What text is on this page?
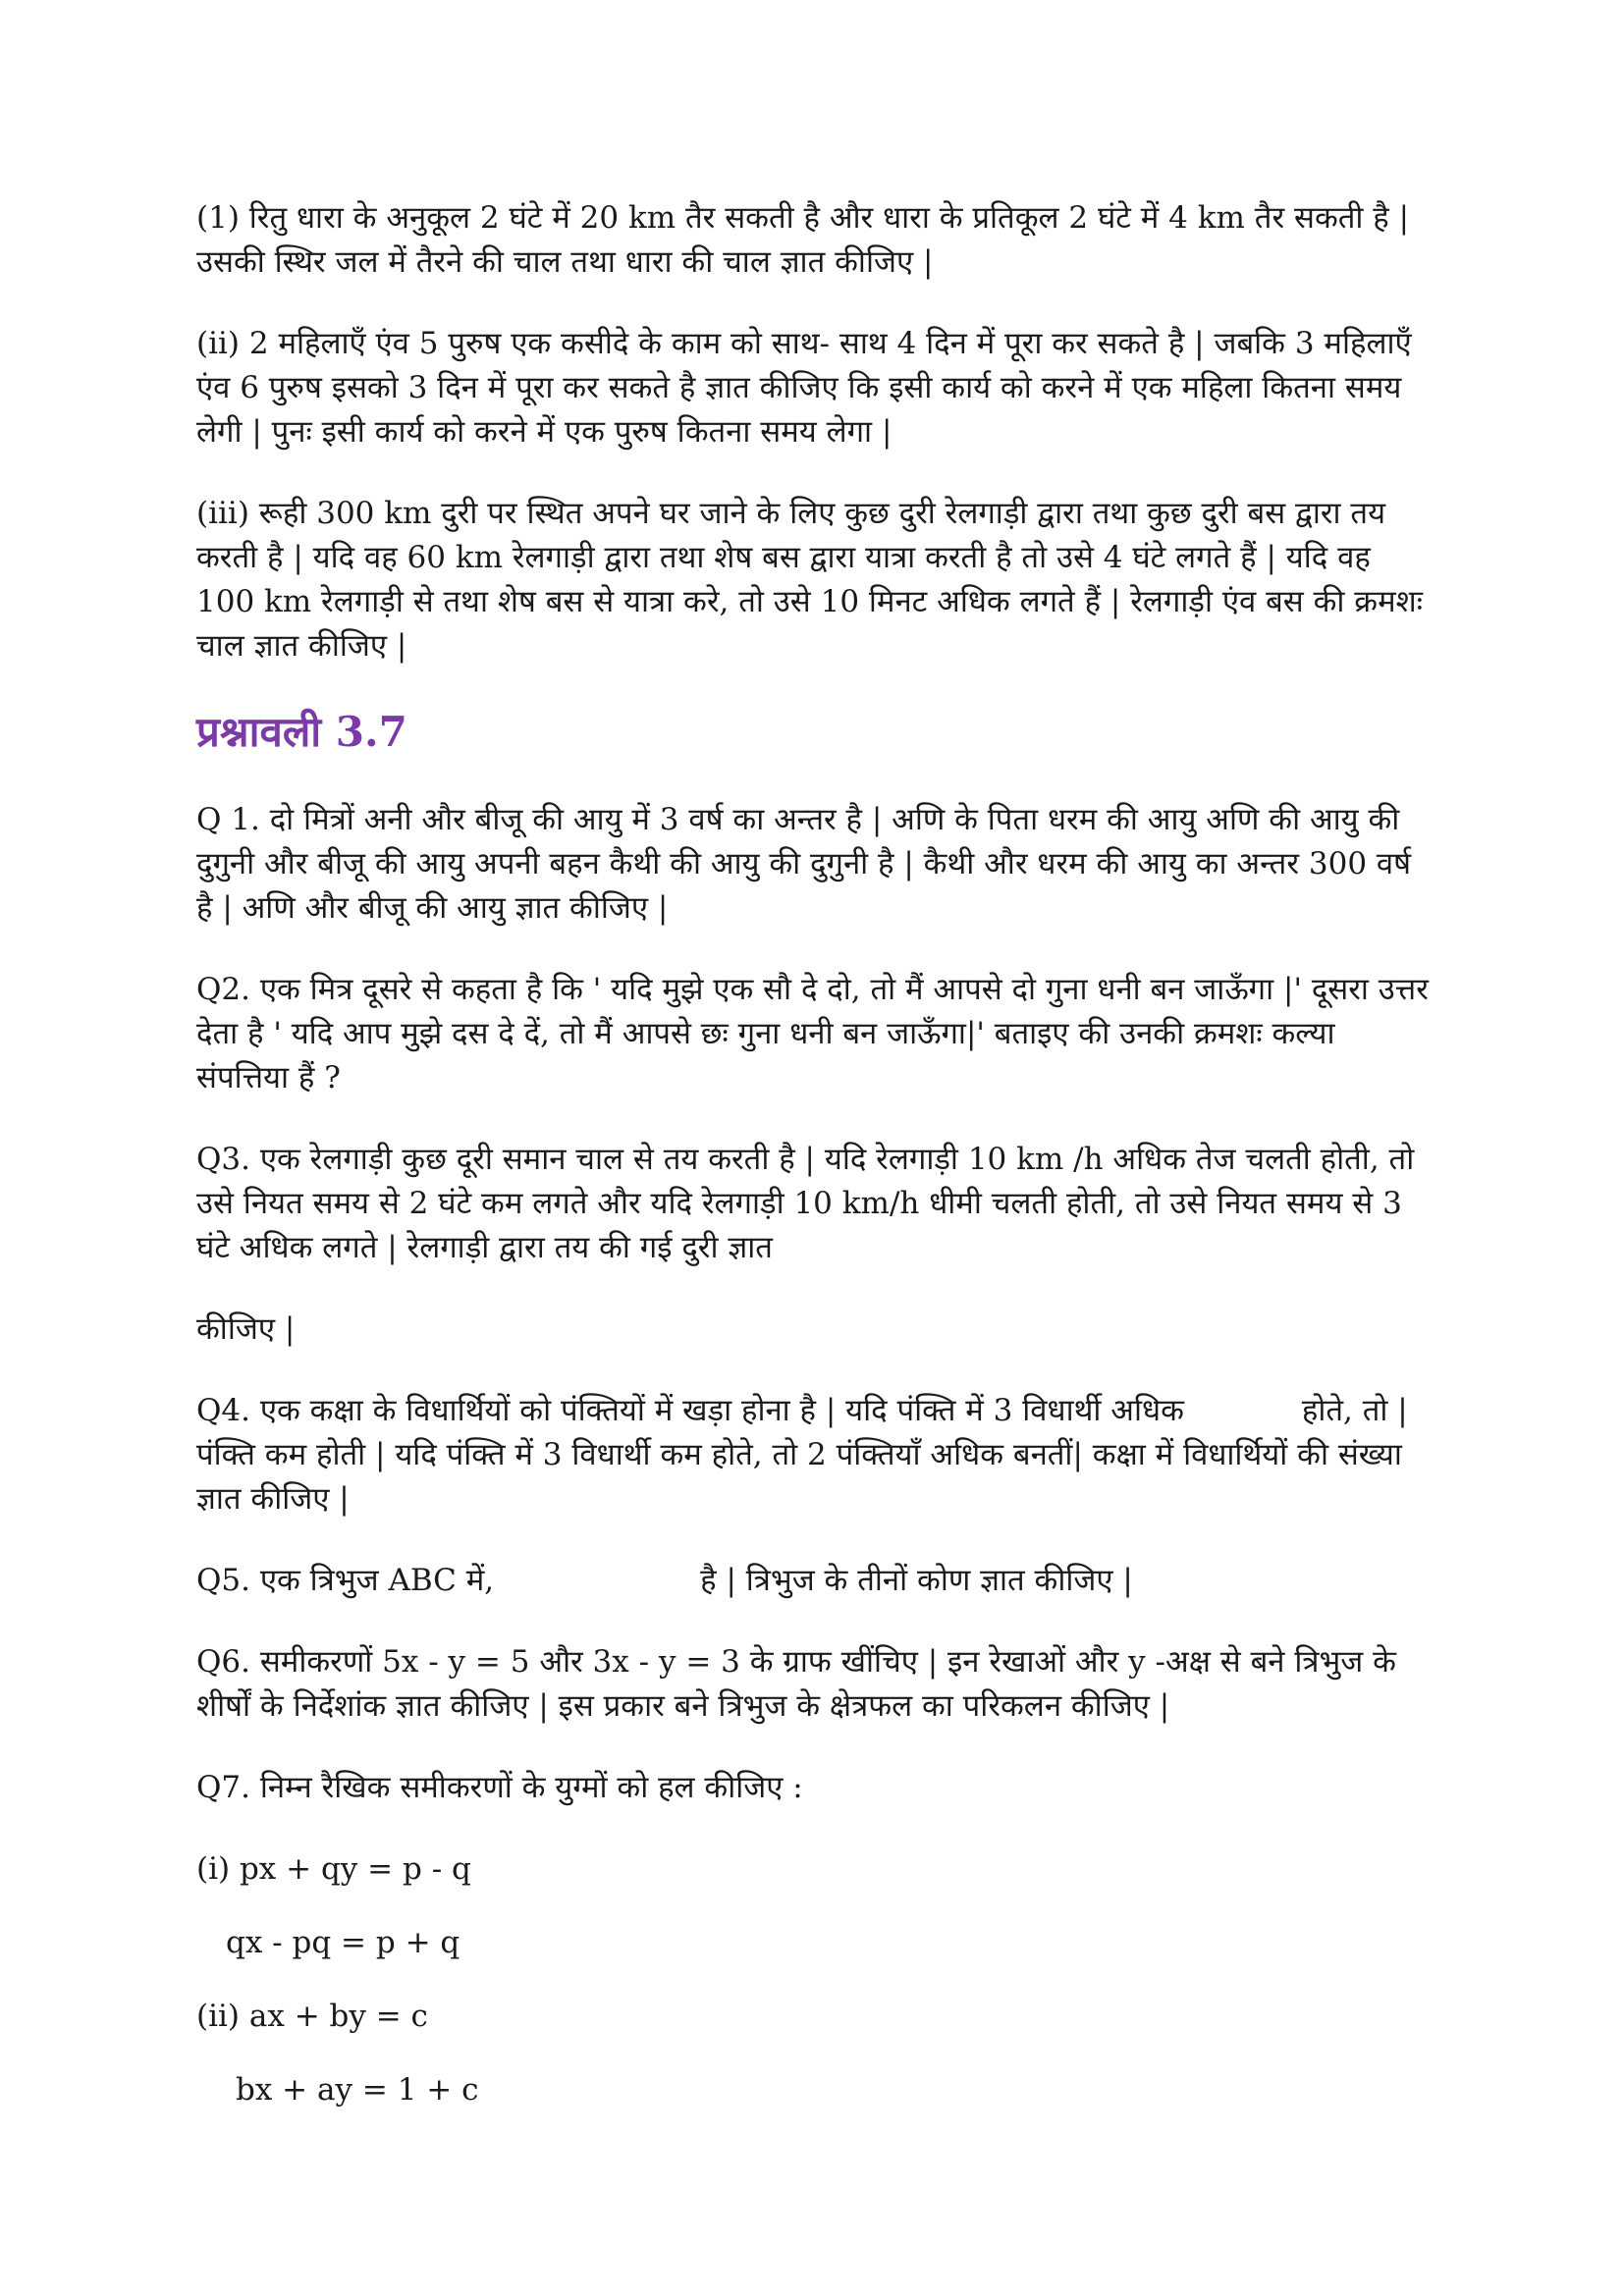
(1) रितु धारा के अनुकूल 2 घंटे में 20 km तैर सकती है और धारा के प्रतिकूल 2 घंटे में 4 km तैर सकती है | उसकी स्थिर जल में तैरने की चाल तथा धारा की चाल ज्ञात कीजिए |

(ii) 2 महिलाएँ एंव 5 पुरुष एक कसीदे के काम को साथ- साथ 4 दिन में पूरा कर सकते है | जबकि 3 महिलाएँ एंव 6 पुरुष इसको 3 दिन में पूरा कर सकते है ज्ञात कीजिए कि इसी कार्य को करने में एक महिला कितना समय लेगी | पुनः इसी कार्य को करने में एक पुरुष कितना समय लेगा |

(iii) रूही 300 km दुरी पर स्थित अपने घर जाने के लिए कुछ दुरी रेलगाड़ी द्वारा तथा कुछ दुरी बस द्वारा तय करती है | यदि वह 60 km रेलगाड़ी द्वारा तथा शेष बस द्वारा यात्रा करती है तो उसे 4 घंटे लगते हैं | यदि वह 100 km रेलगाड़ी से तथा शेष बस से यात्रा करे, तो उसे 10 मिनट अधिक लगते हैं | रेलगाड़ी एंव बस की क्रमशः चाल ज्ञात कीजिए |

प्रश्नावली 3.7

Q 1. दो मित्रों अनी और बीजू की आयु में 3 वर्ष का अन्तर है | अणि के पिता धरम की आयु अणि की आयु की दुगुनी और बीजू की आयु अपनी बहन कैथी की आयु की दुगुनी है | कैथी और धरम की आयु का अन्तर 300 वर्ष है | अणि और बीजू की आयु ज्ञात कीजिए |

Q2. एक मित्र दूसरे से कहता है कि ' यदि मुझे एक सौ दे दो, तो मैं आपसे दो गुना धनी बन जाऊँगा |' दूसरा उत्तर देता है ' यदि आप मुझे दस दे दें, तो मैं आपसे छः गुना धनी बन जाऊँगा|' बताइए की उनकी क्रमशः कल्या संपत्तिया हैं ?

Q3. एक रेलगाड़ी कुछ दूरी समान चाल से तय करती है | यदि रेलगाड़ी 10 km /h अधिक तेज चलती होती, तो उसे नियत समय से 2 घंटे कम लगते और यदि रेलगाड़ी 10 km/h धीमी चलती होती, तो उसे नियत समय से 3 घंटे अधिक लगते | रेलगाड़ी द्वारा तय की गई दुरी ज्ञात

कीजिए |

Q4. एक कक्षा के विधार्थियों को पंक्तियों में खड़ा होना है | यदि पंक्ति में 3 विधार्थी अधिक	होते, तो | पंक्ति कम होती | यदि पंक्ति में 3 विधार्थी कम होते, तो 2 पंक्तियाँ अधिक बनतीं| कक्षा में विधार्थियों की संख्या ज्ञात कीजिए |

Q5. एक त्रिभुज ABC में,	है | त्रिभुज के तीनों कोण ज्ञात कीजिए |

Q6. समीकरणों 5x - y = 5 और 3x - y = 3 के ग्राफ खींचिए | इन रेखाओं और y -अक्ष से बने त्रिभुज के शीर्षों के निर्देशांक ज्ञात कीजिए | इस प्रकार बने त्रिभुज के क्षेत्रफल का परिकलन कीजिए |

Q7. निम्न रैखिक समीकरणों के युग्मों को हल कीजिए :

(i) px + qy = p - q

qx - pq = p + q

(ii) ax + by = c

bx + ay = 1 + c
